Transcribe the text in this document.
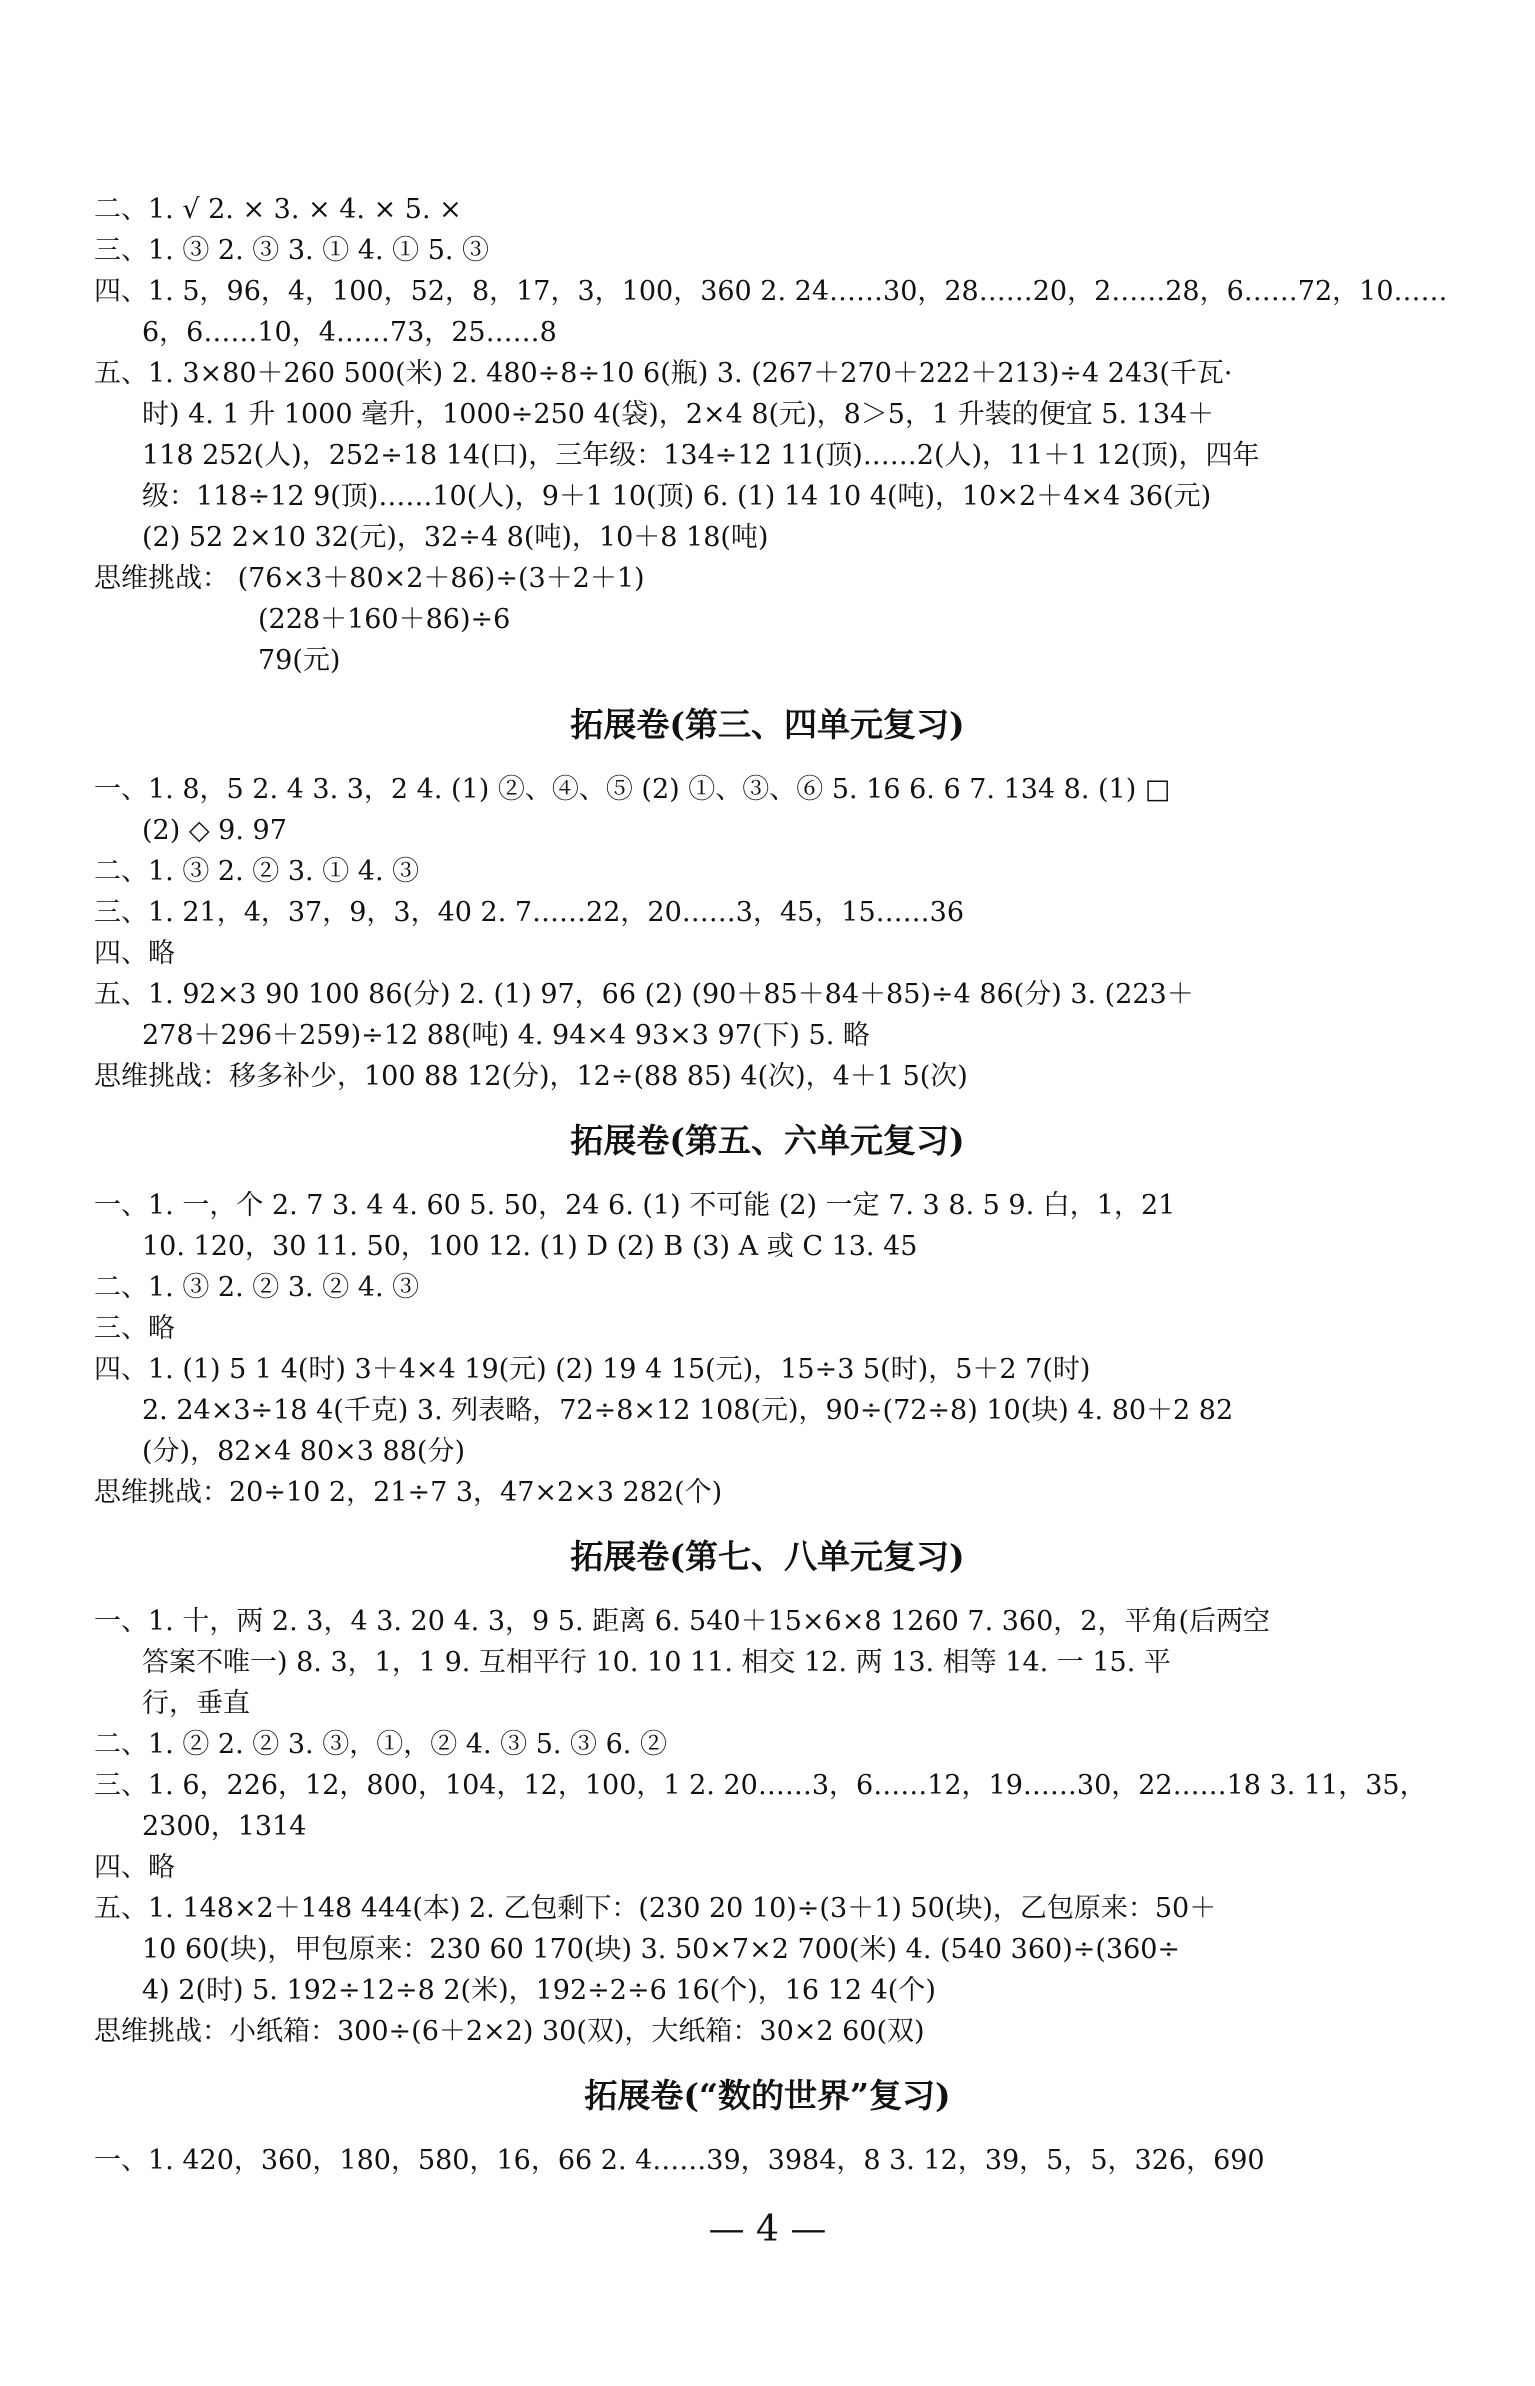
二、1. √ 2. × 3. × 4. × 5. ×
三、1. ③ 2. ③ 3. ① 4. ① 5. ③
四、1. 5，96，4，100，52，8，17，3，100，360 2. 24……30，28……20，2……28，6……72，10……
6，6……10，4……73，25……8
五、1. 3×80＋260 500(米) 2. 480÷8÷10 6(瓶) 3. (267＋270＋222＋213)÷4 243(千瓦·
时) 4. 1 升 1000 毫升，1000÷250 4(袋)，2×4 8(元)，8＞5，1 升装的便宜 5. 134＋
118 252(人)，252÷18 14(口)，三年级：134÷12 11(顶)……2(人)，11＋1 12(顶)，四年
级：118÷12 9(顶)……10(人)，9＋1 10(顶) 6. (1) 14 10 4(吨)，10×2＋4×4 36(元)
(2) 52 2×10 32(元)，32÷4 8(吨)，10＋8 18(吨)
思维挑战： (76×3＋80×2＋86)÷(3＋2＋1)
(228＋160＋86)÷6
79(元)
拓展卷(第三、四单元复习)
一、1. 8，5 2. 4 3. 3，2 4. (1) ②、④、⑤ (2) ①、③、⑥ 5. 16 6. 6 7. 134 8. (1) □
(2) ◇ 9. 97
二、1. ③ 2. ② 3. ① 4. ③
三、1. 21，4，37，9，3，40 2. 7……22，20……3，45，15……36
四、略
五、1. 92×3 90 100 86(分) 2. (1) 97，66 (2) (90＋85＋84＋85)÷4 86(分) 3. (223＋
278＋296＋259)÷12 88(吨) 4. 94×4 93×3 97(下) 5. 略
思维挑战：移多补少，100 88 12(分)，12÷(88 85) 4(次)，4＋1 5(次)
拓展卷(第五、六单元复习)
一、1. 一，个 2. 7 3. 4 4. 60 5. 50，24 6. (1) 不可能 (2) 一定 7. 3 8. 5 9. 白，1，21
10. 120，30 11. 50，100 12. (1) D (2) B (3) A 或 C 13. 45
二、1. ③ 2. ② 3. ② 4. ③
三、略
四、1. (1) 5 1 4(时) 3＋4×4 19(元) (2) 19 4 15(元)，15÷3 5(时)，5＋2 7(时)
2. 24×3÷18 4(千克) 3. 列表略，72÷8×12 108(元)，90÷(72÷8) 10(块) 4. 80＋2 82
(分)，82×4 80×3 88(分)
思维挑战：20÷10 2，21÷7 3，47×2×3 282(个)
拓展卷(第七、八单元复习)
一、1. 十，两 2. 3，4 3. 20 4. 3，9 5. 距离 6. 540＋15×6×8 1260 7. 360，2，平角(后两空
答案不唯一) 8. 3，1，1 9. 互相平行 10. 10 11. 相交 12. 两 13. 相等 14. 一 15. 平
行，垂直
二、1. ② 2. ② 3. ③，①，② 4. ③ 5. ③ 6. ②
三、1. 6，226，12，800，104，12，100，1 2. 20……3，6……12，19……30，22……18 3. 11，35，
2300，1314
四、略
五、1. 148×2＋148 444(本) 2. 乙包剩下：(230 20 10)÷(3＋1) 50(块)，乙包原来：50＋
10 60(块)，甲包原来：230 60 170(块) 3. 50×7×2 700(米) 4. (540 360)÷(360÷
4) 2(时) 5. 192÷12÷8 2(米)，192÷2÷6 16(个)，16 12 4(个)
思维挑战：小纸箱：300÷(6＋2×2) 30(双)，大纸箱：30×2 60(双)
拓展卷(“数的世界”复习)
一、1. 420，360，180，580，16，66 2. 4……39，3984，8 3. 12，39，5，5，326，690
— 4 —
